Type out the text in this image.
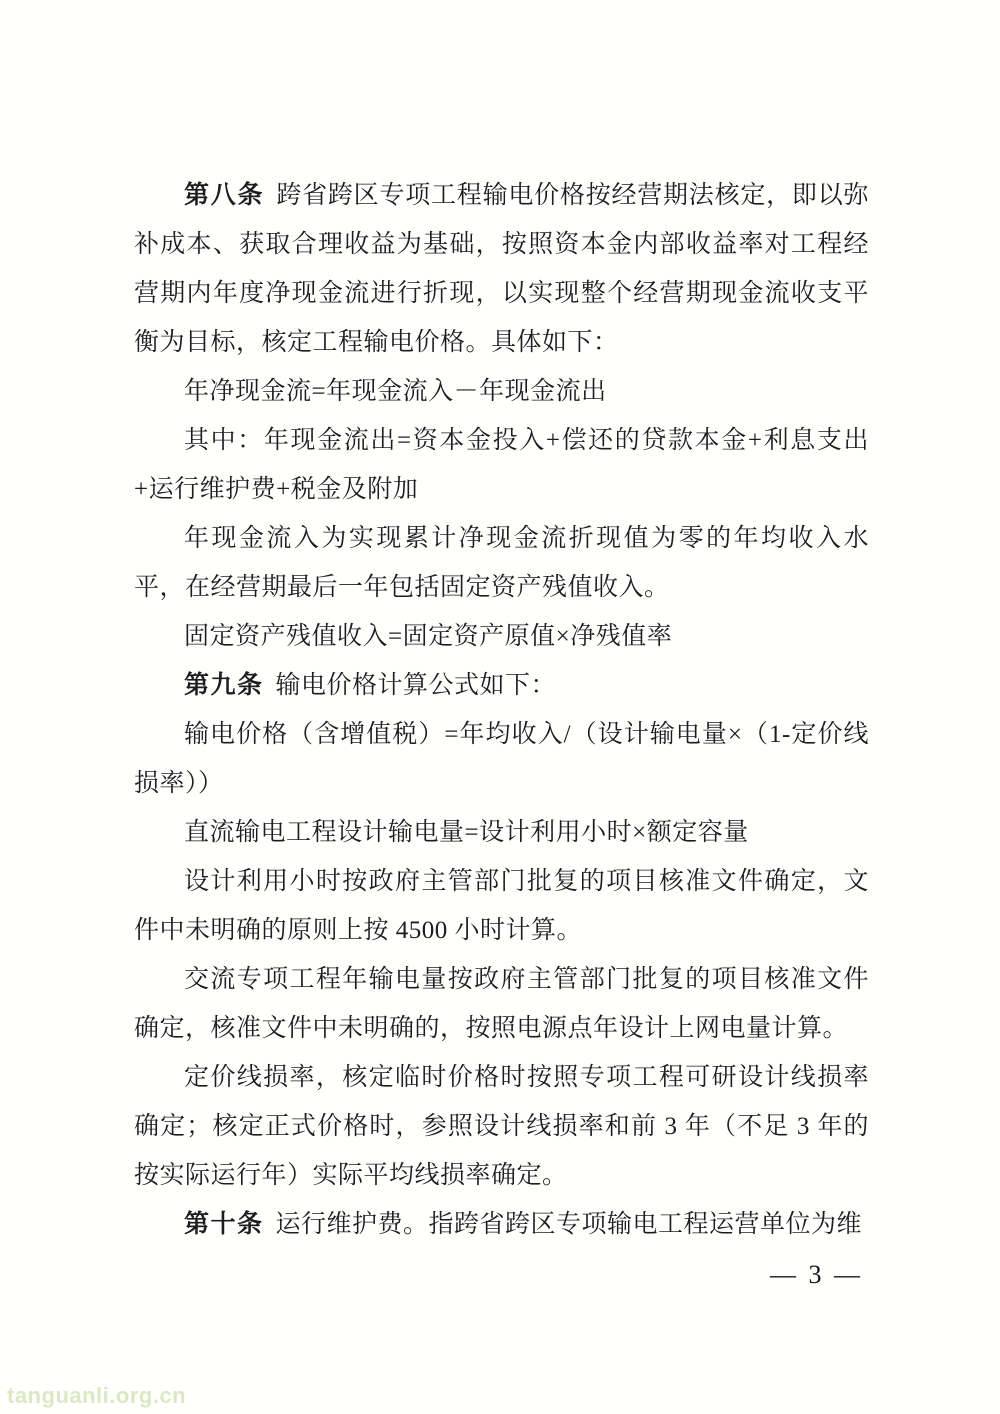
第八条 跨省跨区专项工程输电价格按经营期法核定，即以弥补成本、获取合理收益为基础，按照资本金内部收益率对工程经营期内年度净现金流进行折现，以实现整个经营期现金流收支平衡为目标，核定工程输电价格。具体如下：

年净现金流=年现金流入－年现金流出

其中：年现金流出=资本金投入+偿还的贷款本金+利息支出+运行维护费+税金及附加

年现金流入为实现累计净现金流折现值为零的年均收入水平，在经营期最后一年包括固定资产残值收入。

固定资产残值收入=固定资产原值×净残值率

第九条 输电价格计算公式如下：

输电价格（含增值税）=年均收入/（设计输电量×（1-定价线损率））

直流输电工程设计输电量=设计利用小时×额定容量

设计利用小时按政府主管部门批复的项目核准文件确定，文件中未明确的原则上按 4500 小时计算。

交流专项工程年输电量按政府主管部门批复的项目核准文件确定，核准文件中未明确的，按照电源点年设计上网电量计算。

定价线损率，核定临时价格时按照专项工程可研设计线损率确定；核定正式价格时，参照设计线损率和前 3 年（不足 3 年的按实际运行年）实际平均线损率确定。

第十条 运行维护费。指跨省跨区专项输电工程运营单位为维

— 3 —
tanguanli.org.cn
